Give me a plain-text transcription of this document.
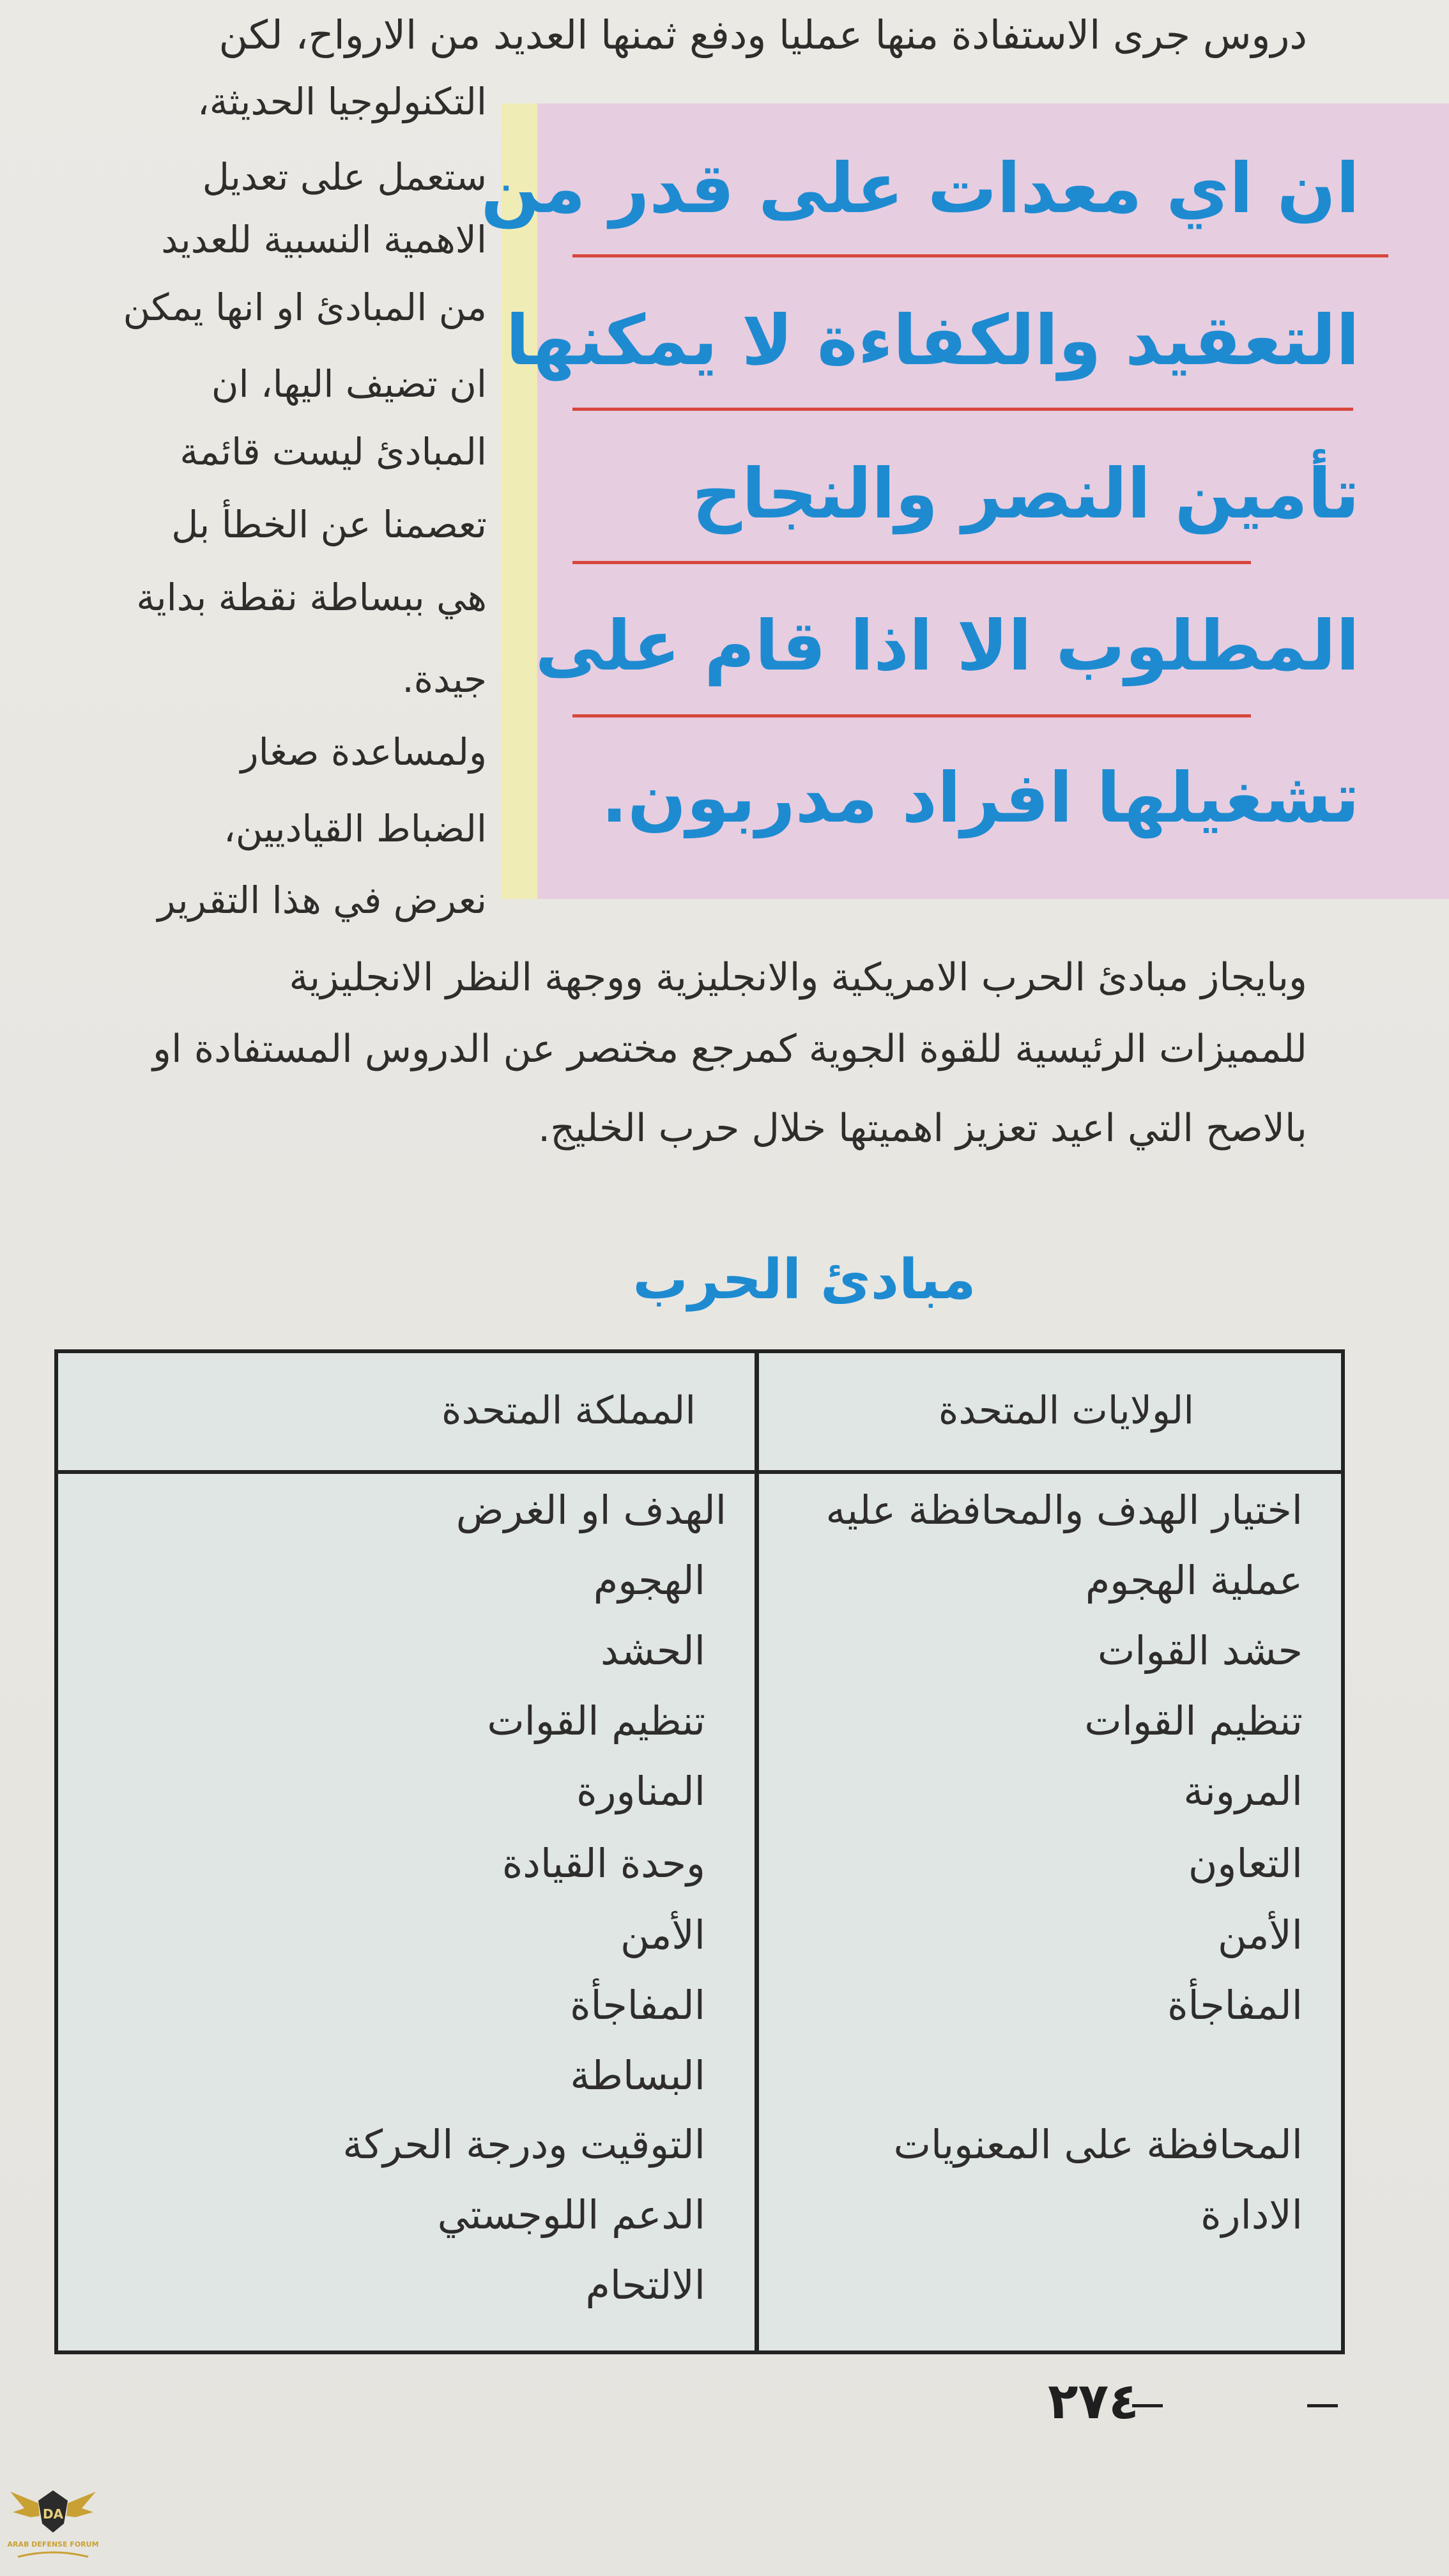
دروس جرى الاستفادة منها عمليا ودفع ثمنها العديد من الارواح، لكن
التكنولوجيا الحديثة،
ستعمل على تعديل
الاهمية النسبية للعديد
من المبادئ او انها يمكن
ان تضيف اليها، ان
المبادئ ليست قائمة
تعصمنا عن الخطأ بل
هي ببساطة نقطة بداية
جيدة.
ولمساعدة صغار
الضباط القياديين،
نعرض في هذا التقرير
وبايجاز مبادئ الحرب الامريكية والانجليزية ووجهة النظر الانجليزية
للمميزات الرئيسية للقوة الجوية كمرجع مختصر عن الدروس المستفادة او
بالاصح التي اعيد تعزيز اهميتها خلال حرب الخليج.
ان اي معدات على قدر من
التعقيد والكفاءة لا يمكنها
تأمين النصر والنجاح
المطلوب الا اذا قام على
تشغيلها افراد مدربون.
مبادئ الحرب
الولايات المتحدة
المملكة المتحدة
اختيار الهدف والمحافظة عليه
عملية الهجوم
حشد القوات
تنظيم القوات
المرونة
التعاون
الأمن
المفاجأة
المحافظة على المعنويات
الادارة
الهدف او الغرض
الهجوم
الحشد
تنظيم القوات
المناورة
وحدة القيادة
الأمن
المفاجأة
البساطة
التوقيت ودرجة الحركة
الدعم اللوجستي
الالتحام
٢٧٤
DA
ARAB DEFENSE FORUM
